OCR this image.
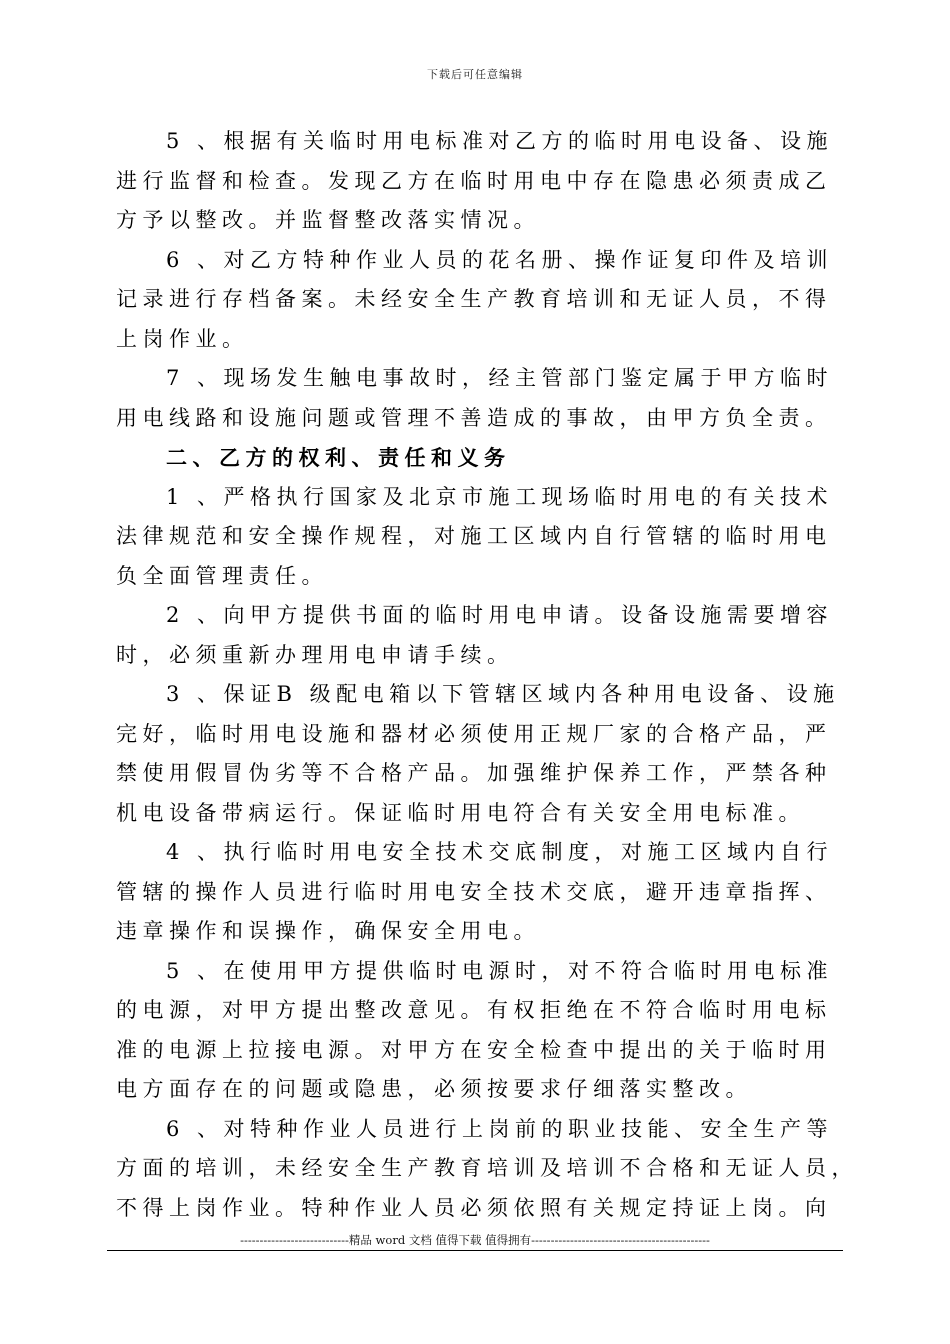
下载后可任意编辑
5 、根据有关临时用电标准对乙方的临时用电设备、设施
进行监督和检查。发现乙方在临时用电中存在隐患必须责成乙
方予以整改。并监督整改落实情况。
6 、对乙方特种作业人员的花名册、操作证复印件及培训
记录进行存档备案。未经安全生产教育培训和无证人员，不得
上岗作业。
7 、现场发生触电事故时，经主管部门鉴定属于甲方临时
用电线路和设施问题或管理不善造成的事故，由甲方负全责。
二、乙方的权利、责任和义务
1 、严格执行国家及北京市施工现场临时用电的有关技术
法律规范和安全操作规程，对施工区域内自行管辖的临时用电
负全面管理责任。
2 、向甲方提供书面的临时用电申请。设备设施需要增容
时，必须重新办理用电申请手续。
3 、保证B 级配电箱以下管辖区域内各种用电设备、设施
完好，临时用电设施和器材必须使用正规厂家的合格产品，严
禁使用假冒伪劣等不合格产品。加强维护保养工作，严禁各种
机电设备带病运行。保证临时用电符合有关安全用电标准。
4 、执行临时用电安全技术交底制度，对施工区域内自行
管辖的操作人员进行临时用电安全技术交底，避开违章指挥、
违章操作和误操作，确保安全用电。
5 、在使用甲方提供临时电源时，对不符合临时用电标准
的电源，对甲方提出整改意见。有权拒绝在不符合临时用电标
准的电源上拉接电源。对甲方在安全检查中提出的关于临时用
电方面存在的问题或隐患，必须按要求仔细落实整改。
6 、对特种作业人员进行上岗前的职业技能、安全生产等
方面的培训，未经安全生产教育培训及培训不合格和无证人员，
不得上岗作业。特种作业人员必须依照有关规定持证上岗。向
----------------------------精品 word 文档 值得下载 值得拥有----------------------------------------------
